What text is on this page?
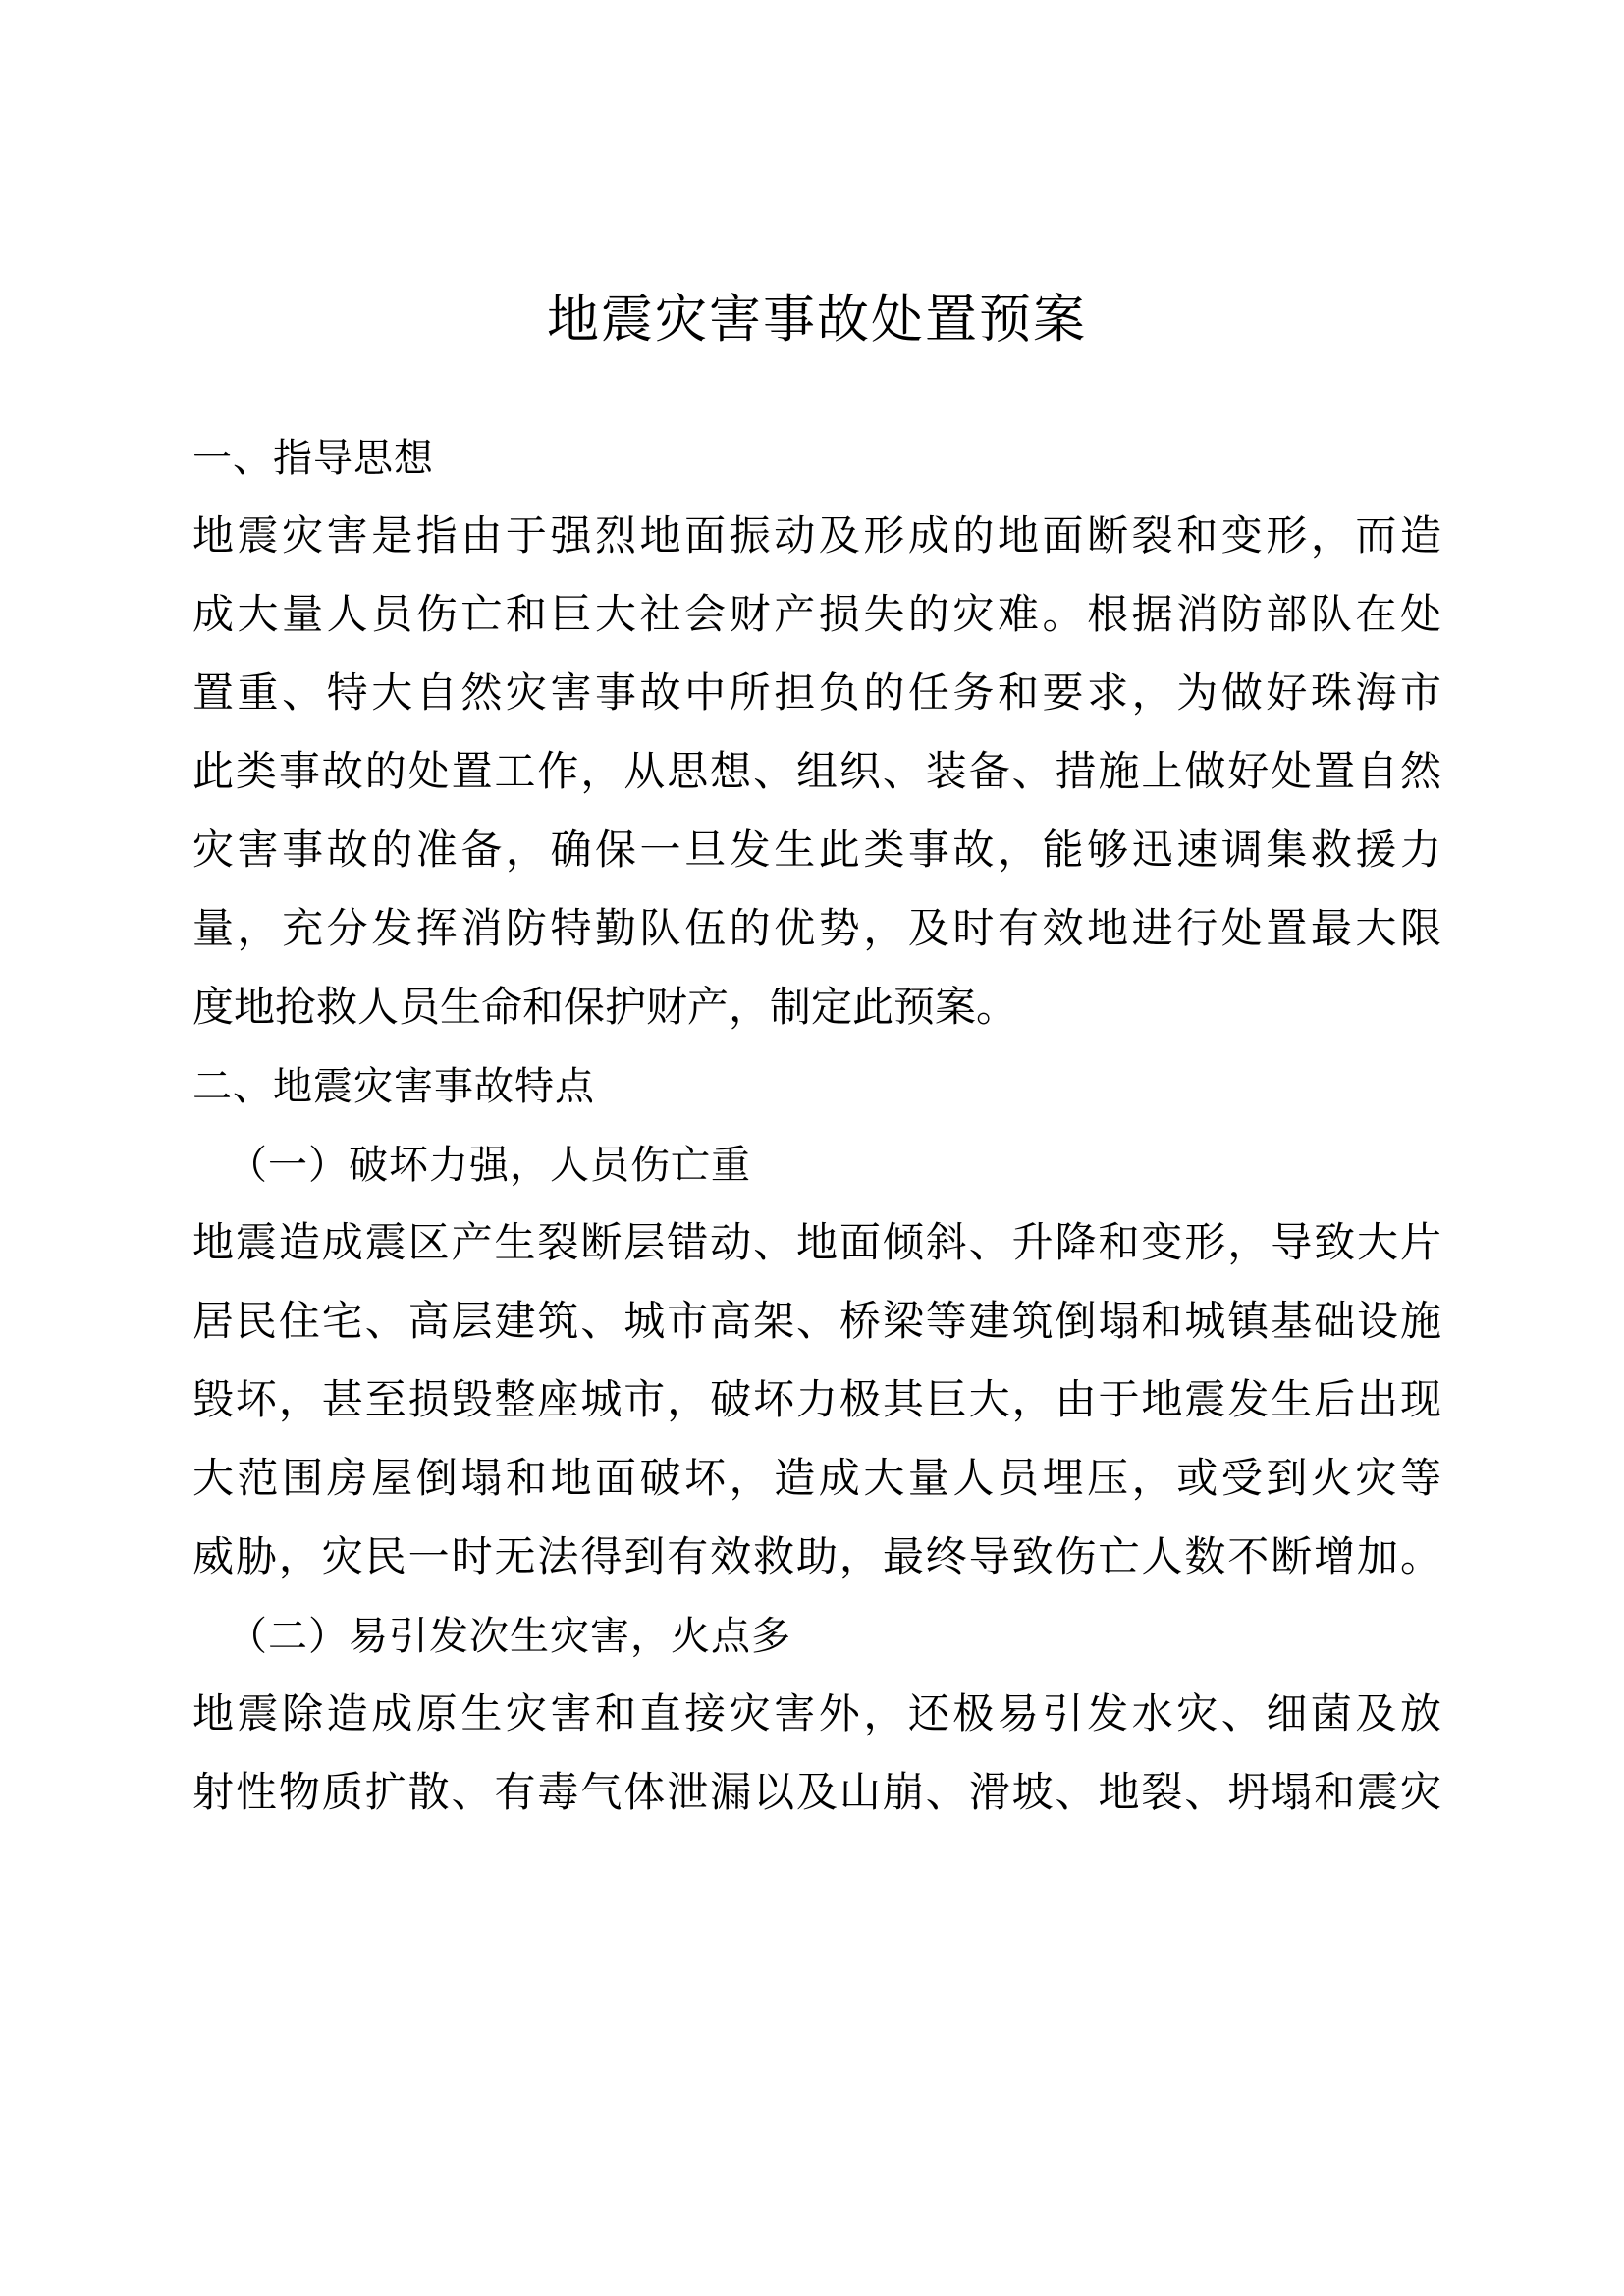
地震灾害事故处置预案
一、指导思想

地震灾害是指由于强烈地面振动及形成的地面断裂和变形，而造

成大量人员伤亡和巨大社会财产损失的灾难。根据消防部队在处

置重、特大自然灾害事故中所担负的任务和要求，为做好珠海市

此类事故的处置工作，从思想、组织、装备、措施上做好处置自然

灾害事故的准备，确保一旦发生此类事故，能够迅速调集救援力

量，充分发挥消防特勤队伍的优势，及时有效地进行处置最大限

度地抢救人员生命和保护财产，制定此预案。

二、地震灾害事故特点
（一）破坏力强，人员伤亡重

地震造成震区产生裂断层错动、地面倾斜、升降和变形，导致大片

居民住宅、高层建筑、城市高架、桥梁等建筑倒塌和城镇基础设施

毁坏，甚至损毁整座城市，破坏力极其巨大，由于地震发生后出现

大范围房屋倒塌和地面破坏，造成大量人员埋压，或受到火灾等

威胁，灾民一时无法得到有效救助，最终导致伤亡人数不断增加。

（二）易引发次生灾害，火点多

地震除造成原生灾害和直接灾害外，还极易引发水灾、细菌及放

射性物质扩散、有毒气体泄漏以及山崩、滑坡、地裂、坍塌和震灾
